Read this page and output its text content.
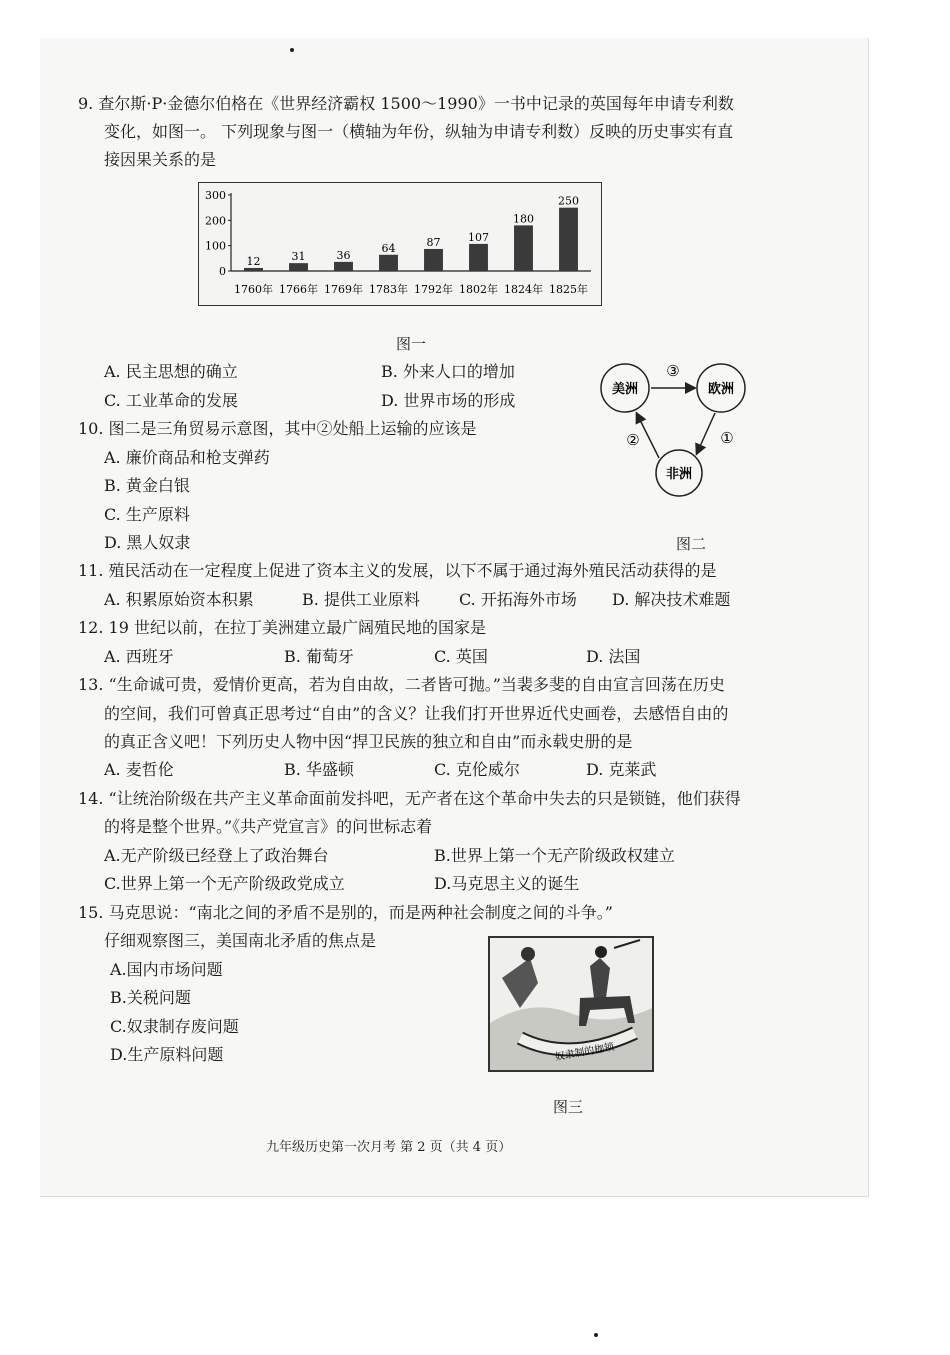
9. 查尔斯·P·金德尔伯格在《世界经济霸权 1500～1990》一书中记录的英国每年申请专利数
变化，如图一。 下列现象与图一（横轴为年份，纵轴为申请专利数）反映的历史事实有直
接因果关系的是
0
100
200
300
12
1760年
31
1766年
36
1769年
64
1783年
87
1792年
107
1802年
180
1824年
250
1825年
图一
A. 民主思想的确立	B. 外来人口的增加
C. 工业革命的发展	D. 世界市场的形成
10. 图二是三角贸易示意图，其中②处船上运输的应该是
A. 廉价商品和枪支弹药
B. 黄金白银
C. 生产原料
D. 黑人奴隶
美洲	欧洲
非洲
③
①
②
图二
11. 殖民活动在一定程度上促进了资本主义的发展，以下不属于通过海外殖民活动获得的是
A. 积累原始资本积累	B. 提供工业原料 C. 开拓海外市场 D. 解决技术难题
12. 19 世纪以前，在拉丁美洲建立最广阔殖民地的国家是
A. 西班牙	B. 葡萄牙	C. 英国	D. 法国
13. “生命诚可贵，爱情价更高，若为自由故，二者皆可抛。”当裴多斐的自由宣言回荡在历史
的空间，我们可曾真正思考过“自由”的含义？让我们打开世界近代史画卷，去感悟自由的
的真正含义吧！下列历史人物中因“捍卫民族的独立和自由”而永载史册的是
A. 麦哲伦	B. 华盛顿	C. 克伦威尔	D. 克莱武
14. “让统治阶级在共产主义革命面前发抖吧，无产者在这个革命中失去的只是锁链，他们获得
的将是整个世界。”《共产党宣言》的问世标志着
A.无产阶级已经登上了政治舞台	B.世界上第一个无产阶级政权建立
C.世界上第一个无产阶级政党成立	D.马克思主义的诞生
15. 马克思说：“南北之间的矛盾不是别的，而是两种社会制度之间的斗争。”
仔细观察图三，美国南北矛盾的焦点是
A.国内市场问题
B.关税问题
C.奴隶制存废问题
D.生产原料问题	奴隶制的枷锁
图三
九年级历史第一次月考 第 2 页（共 4 页）
